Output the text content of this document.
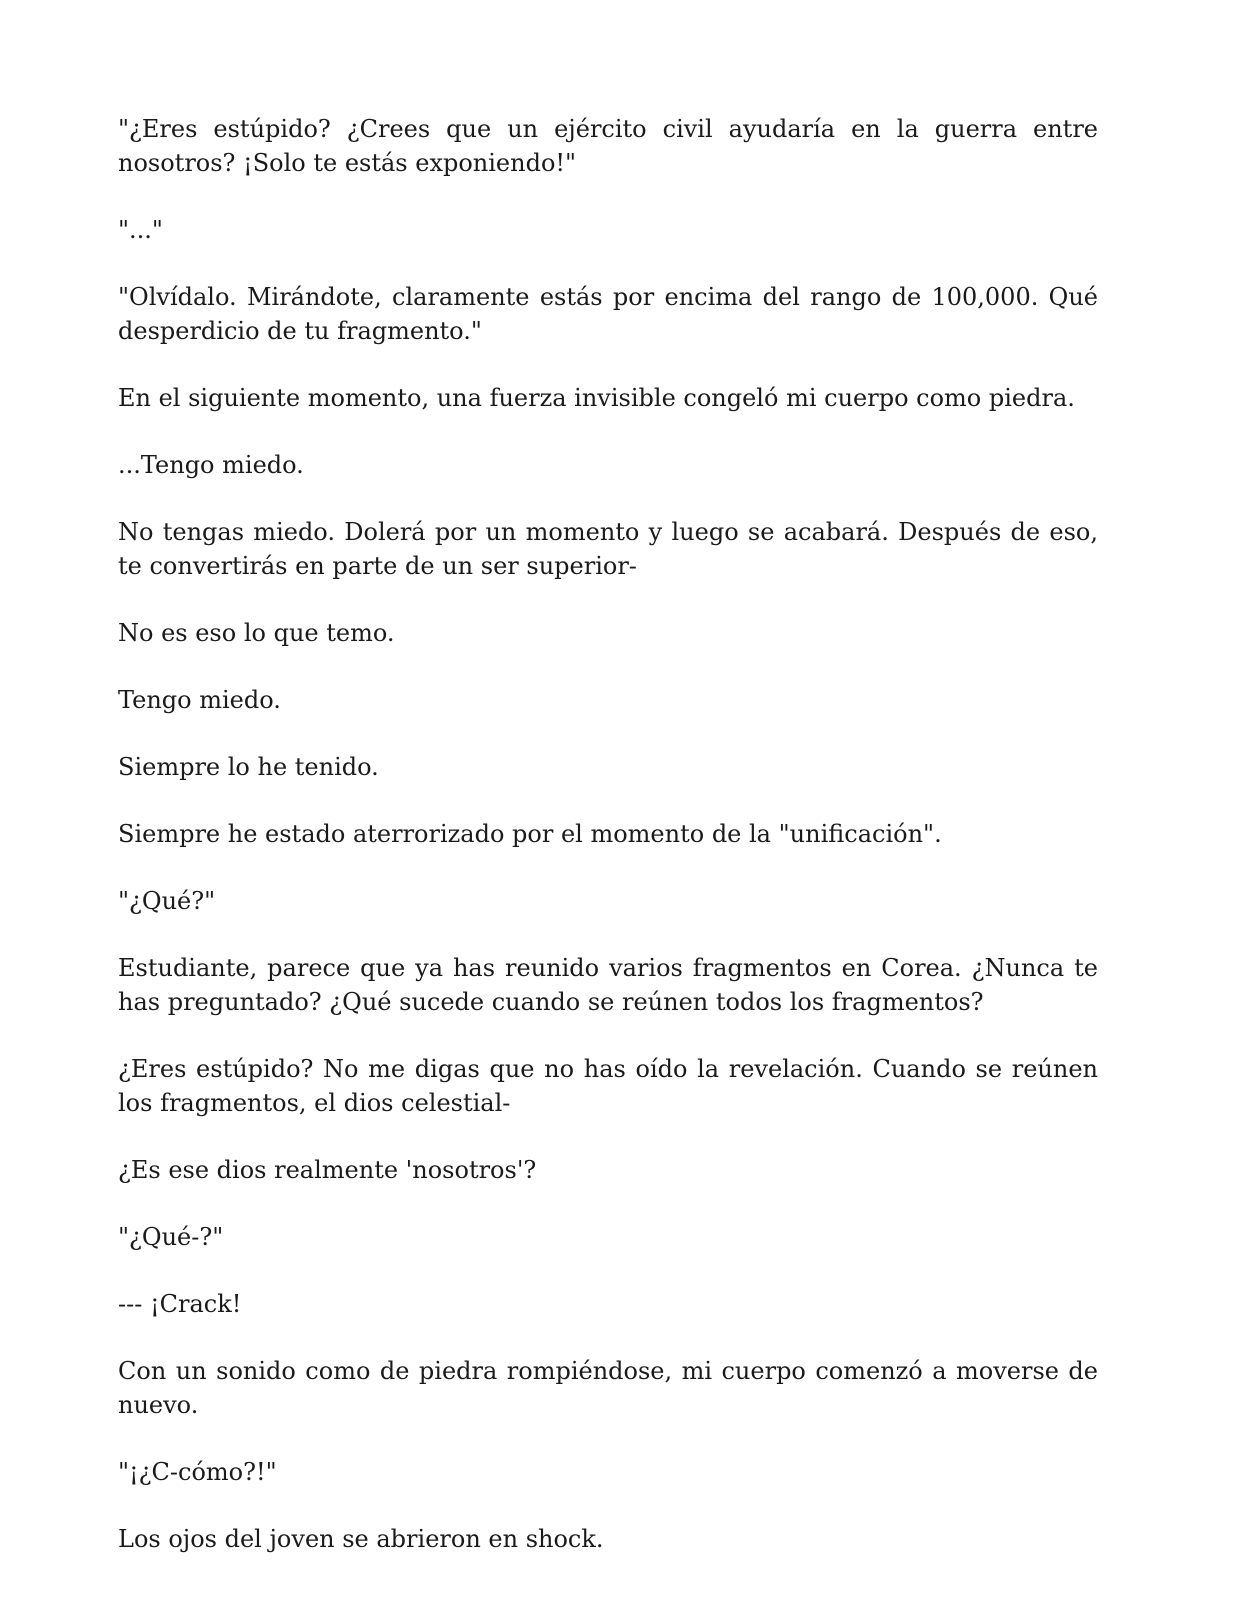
"¿Eres estúpido? ¿Crees que un ejército civil ayudaría en la guerra entre nosotros? ¡Solo te estás exponiendo!"

"..."

"Olvídalo. Mirándote, claramente estás por encima del rango de 100,000. Qué desperdicio de tu fragmento."

En el siguiente momento, una fuerza invisible congeló mi cuerpo como piedra.

...Tengo miedo.

No tengas miedo. Dolerá por un momento y luego se acabará. Después de eso, te convertirás en parte de un ser superior-

No es eso lo que temo.

Tengo miedo.

Siempre lo he tenido.

Siempre he estado aterrorizado por el momento de la "unificación".

"¿Qué?"

Estudiante, parece que ya has reunido varios fragmentos en Corea. ¿Nunca te has preguntado? ¿Qué sucede cuando se reúnen todos los fragmentos?

¿Eres estúpido? No me digas que no has oído la revelación. Cuando se reúnen los fragmentos, el dios celestial-

¿Es ese dios realmente 'nosotros'?

"¿Qué-?"

--- ¡Crack!

Con un sonido como de piedra rompiéndose, mi cuerpo comenzó a moverse de nuevo.

"¡¿C-cómo?!"

Los ojos del joven se abrieron en shock.
